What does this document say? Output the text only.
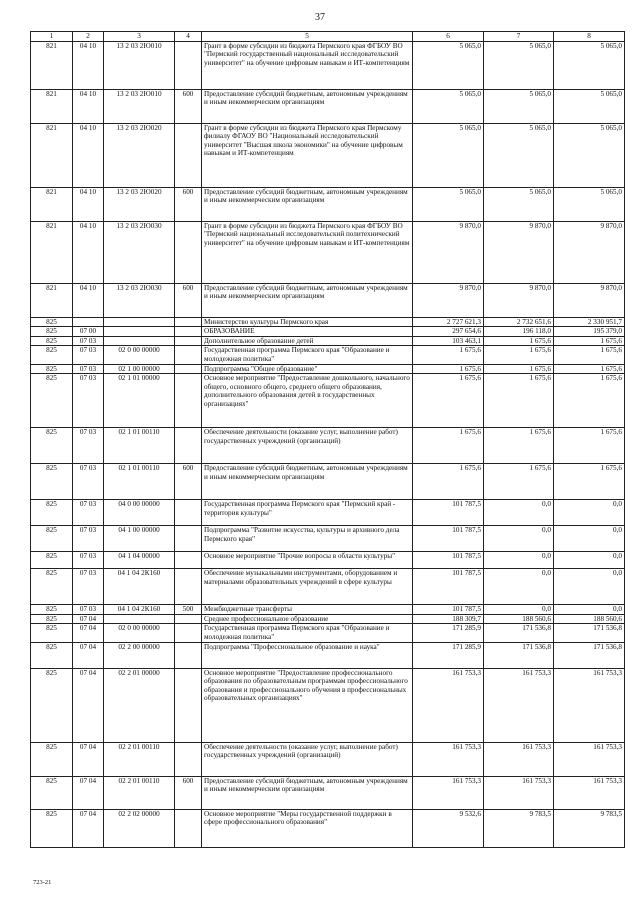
37
1	2	3	4	5	6	7	8
821	04 10	13 2 03 2Ю010		Грант в форме субсидии из бюджета Пермского края ФГБОУ ВО "Пермский государственный национальный исследовательский университет" на обучение цифровым навыкам и ИТ-компетенциям	5 065,0	5 065,0	5 065,0
821	04 10	13 2 03 2Ю010	600	Предоставление субсидий бюджетным, автономным учреждениям и иным некоммерческим организациям	5 065,0	5 065,0	5 065,0
821	04 10	13 2 03 2Ю020		Грант в форме субсидии из бюджета Пермского края Пермскому филиалу ФГАОУ ВО "Национальный исследовательский университет "Высшая школа экономики" на обучение цифровым навыкам и ИТ-компетенциям	5 065,0	5 065,0	5 065,0
821	04 10	13 2 03 2Ю020	600	Предоставление субсидий бюджетным, автономным учреждениям и иным некоммерческим организациям	5 065,0	5 065,0	5 065,0
821	04 10	13 2 03 2Ю030		Грант в форме субсидии из бюджета Пермского края ФГБОУ ВО "Пермский национальный исследовательский политехнический университет" на обучение цифровым навыкам и ИТ-компетенциям	9 870,0	9 870,0	9 870,0
821	04 10	13 2 03 2Ю030	600	Предоставление субсидий бюджетным, автономным учреждениям и иным некоммерческим организациям	9 870,0	9 870,0	9 870,0
825				Министерство культуры Пермского края	2 727 621,3	2 732 651,6	2 330 951,7
825	07 00			ОБРАЗОВАНИЕ	297 654,6	196 118,0	195 379,0
825	07 03			Дополнительное образование детей	103 463,1	1 675,6	1 675,6
825	07 03	02 0 00 00000		Государственная программа Пермского края "Образование и молодежная политика"	1 675,6	1 675,6	1 675,6
825	07 03	02 1 00 00000		Подпрограмма "Общее образование"	1 675,6	1 675,6	1 675,6
825	07 03	02 1 01 00000		Основное мероприятие "Предоставление дошкольного, начального общего, основного общего, среднего общего образования, дополнительного образования детей в государственных организациях"	1 675,6	1 675,6	1 675,6
825	07 03	02 1 01 00110		Обеспечение деятельности (оказание услуг, выполнение работ) государственных учреждений (организаций)	1 675,6	1 675,6	1 675,6
825	07 03	02 1 01 00110	600	Предоставление субсидий бюджетным, автономным учреждениям и иным некоммерческим организациям	1 675,6	1 675,6	1 675,6
825	07 03	04 0 00 00000		Государственная программа Пермского края "Пермский край - территория культуры"	101 787,5	0,0	0,0
825	07 03	04 1 00 00000		Подпрограмма "Развитие искусства, культуры и архивного дела Пермского края"	101 787,5	0,0	0,0
825	07 03	04 1 04 00000		Основное мероприятие "Прочие вопросы в области культуры"	101 787,5	0,0	0,0
825	07 03	04 1 04 2К160		Обеспечение музыкальными инструментами, оборудованием и материалами образовательных учреждений в сфере культуры	101 787,5	0,0	0,0
825	07 03	04 1 04 2К160	500	Межбюджетные трансферты	101 787,5	0,0	0,0
825	07 04			Среднее профессиональное образование	188 309,7	188 560,6	188 560,6
825	07 04	02 0 00 00000		Государственная программа Пермского края "Образование и молодежная политика"	171 285,9	171 536,8	171 536,8
825	07 04	02 2 00 00000		Подпрограмма "Профессиональное образование и наука"	171 285,9	171 536,8	171 536,8
825	07 04	02 2 01 00000		Основное мероприятие "Предоставление профессионального образования по образовательным программам профессионального образования и профессионального обучения в профессиональных образовательных организациях"	161 753,3	161 753,3	161 753,3
825	07 04	02 2 01 00110		Обеспечение деятельности (оказание услуг, выполнение работ) государственных учреждений (организаций)	161 753,3	161 753,3	161 753,3
825	07 04	02 2 01 00110	600	Предоставление субсидий бюджетным, автономным учреждениям и иным некоммерческим организациям	161 753,3	161 753,3	161 753,3
825	07 04	02 2 02 00000		Основное мероприятие "Меры государственной поддержки в сфере профессионального образования"	9 532,6	9 783,5	9 783,5
723-21
